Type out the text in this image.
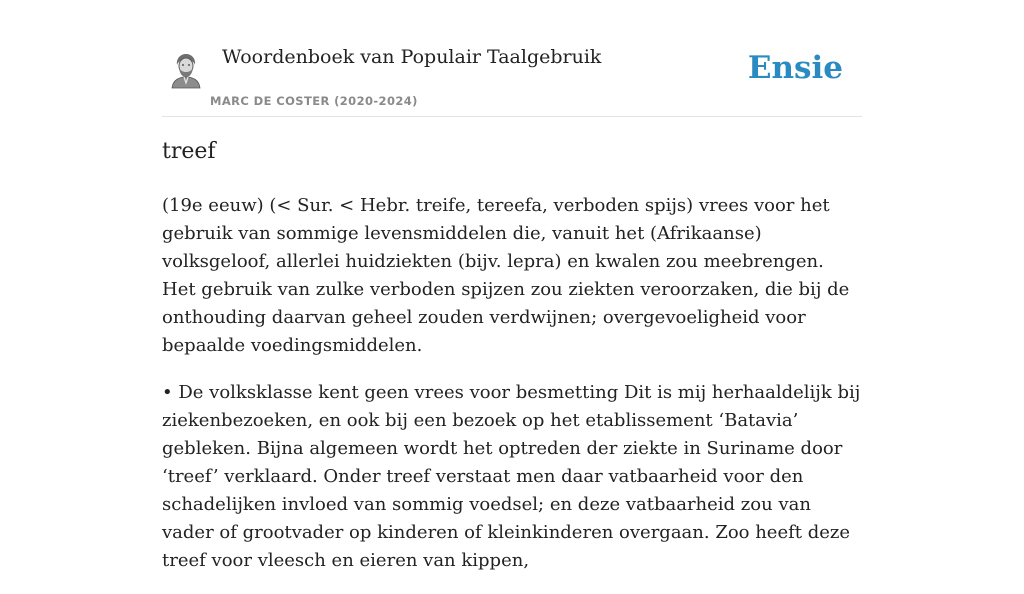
Woordenboek van Populair Taalgebruik
MARC DE COSTER (2020-2024)
Ensie
treef

(19e eeuw) (< Sur. < Hebr. treife, tereefa, verboden spijs) vrees voor het gebruik van sommige levensmiddelen die, vanuit het (Afrikaanse) volksgeloof, allerlei huidziekten (bijv. lepra) en kwalen zou meebrengen. Het gebruik van zulke verboden spijzen zou ziekten veroorzaken, die bij de onthouding daarvan geheel zouden verdwijnen; overgevoeligheid voor bepaalde voedingsmiddelen.

• De volksklasse kent geen vrees voor besmetting Dit is mij herhaaldelijk bij ziekenbezoeken, en ook bij een bezoek op het etablissement ‘Batavia’ gebleken. Bijna algemeen wordt het optreden der ziekte in Suriname door ‘treef’ verklaard. Onder treef verstaat men daar vatbaarheid voor den schadelijken invloed van sommig voedsel; en deze vatbaarheid zou van vader of grootvader op kinderen of kleinkinderen overgaan. Zoo heeft deze treef voor vleesch en eieren van kippen,
